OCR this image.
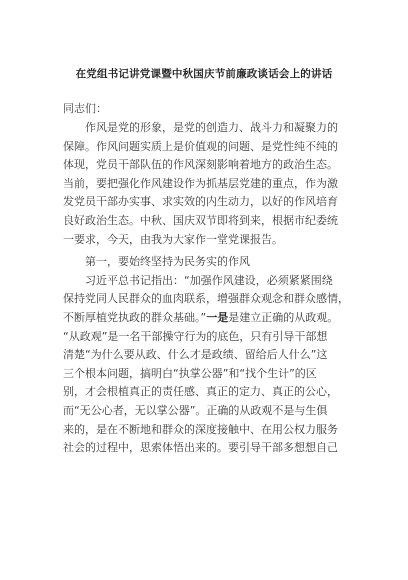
在党组书记讲党课暨中秋国庆节前廉政谈话会上的讲话
同志们：

　　作风是党的形象，是党的创造力、战斗力和凝聚力的

保障。作风问题实质上是价值观的问题、是党性纯不纯的

体现，党员干部队伍的作风深刻影响着地方的政治生态。

当前，要把强化作风建设作为抓基层党建的重点，作为激

发党员干部办实事、求实效的内生动力，以好的作风培育

良好政治生态。中秋、国庆双节即将到来，根据市纪委统

一要求，今天，由我为大家作一堂党课报告。

　　第一，要始终坚持为民务实的作风

　　习近平总书记指出：“加强作风建设，必须紧紧围绕

保持党同人民群众的血肉联系，增强群众观念和群众感情，

不断厚植党执政的群众基础。”一是是建立正确的从政观。

“从政观”是一名干部操守行为的底色，只有引导干部想

清楚“为什么要从政、什么才是政绩、留给后人什么”这

三个根本问题，搞明白“执掌公器”和“找个生计”的区

别，才会根植真正的责任感、真正的定力、真正的公心，

而“无公心者，无以掌公器”。正确的从政观不是与生俱

来的，是在不断地和群众的深度接触中、在用公权力服务

社会的过程中，思索体悟出来的。要引导干部多想想自己
